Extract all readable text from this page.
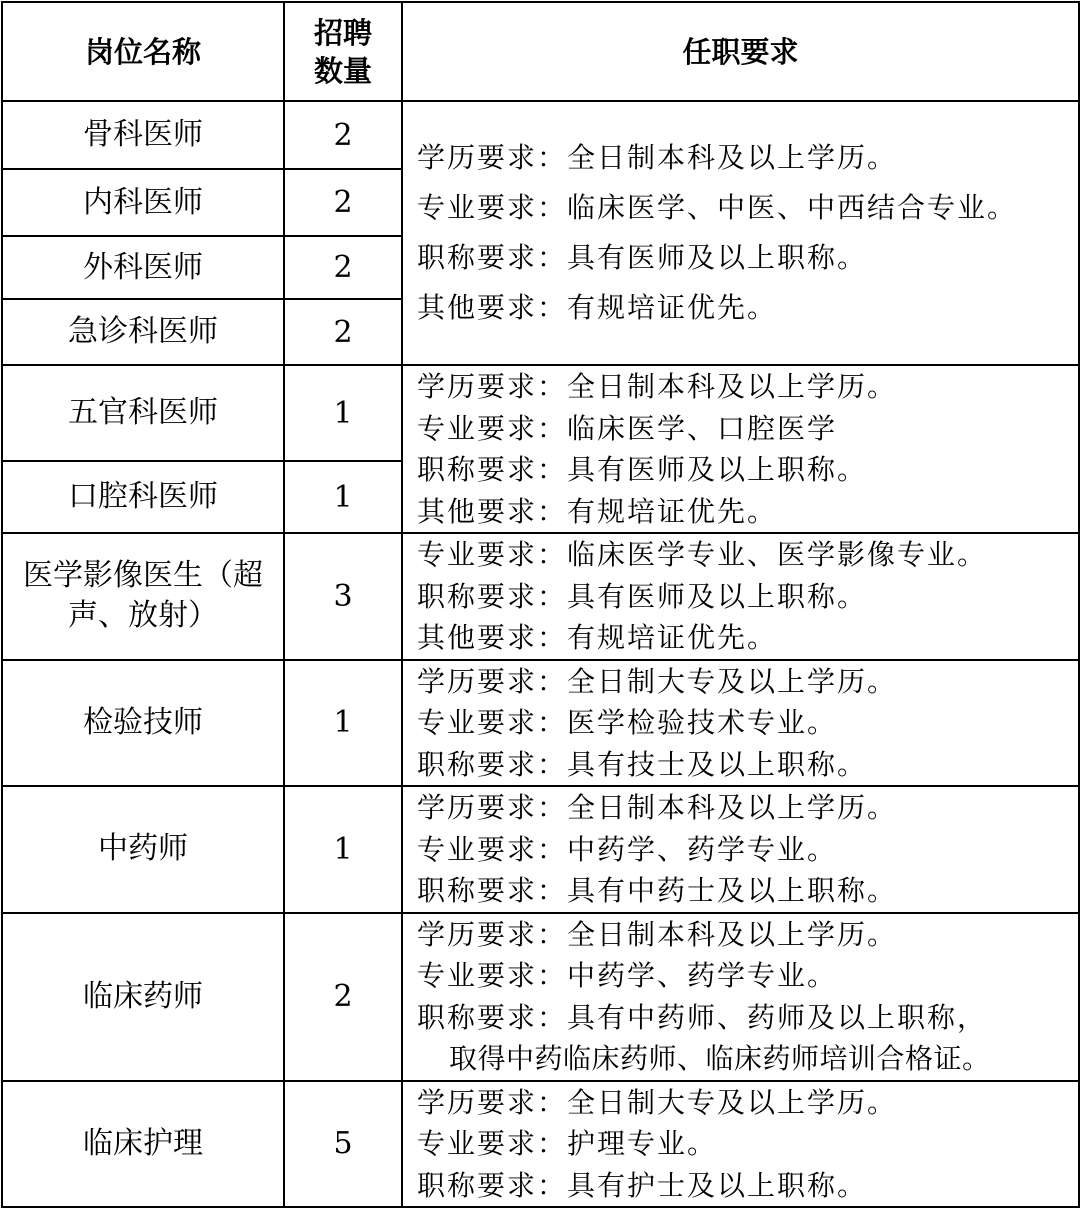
岗位名称	招聘数量	任职要求
骨科医师	2	学历要求：全日制本科及以上学历。
专业要求：临床医学、中医、中西结合专业。
职称要求：具有医师及以上职称。
其他要求：有规培证优先。

内科医师	2	
外科医师	2	
急诊科医师	2	
五官科医师	1	学历要求：全日制本科及以上学历。
专业要求：临床医学、口腔医学
职称要求：具有医师及以上职称。
其他要求：有规培证优先。

口腔科医师	1	
医学影像医生（超声、放射）	3	专业要求：临床医学专业、医学影像专业。
职称要求：具有医师及以上职称。
其他要求：有规培证优先。

检验技师	1	学历要求：全日制大专及以上学历。
专业要求：医学检验技术专业。
职称要求：具有技士及以上职称。

中药师	1	学历要求：全日制本科及以上学历。
专业要求：中药学、药学专业。
职称要求：具有中药士及以上职称。

临床药师	2	学历要求：全日制本科及以上学历。
专业要求：中药学、药学专业。
职称要求：具有中药师、药师及以上职称，
取得中药临床药师、临床药师培训合格证。

临床护理	5	学历要求：全日制大专及以上学历。
专业要求：护理专业。
职称要求：具有护士及以上职称。
